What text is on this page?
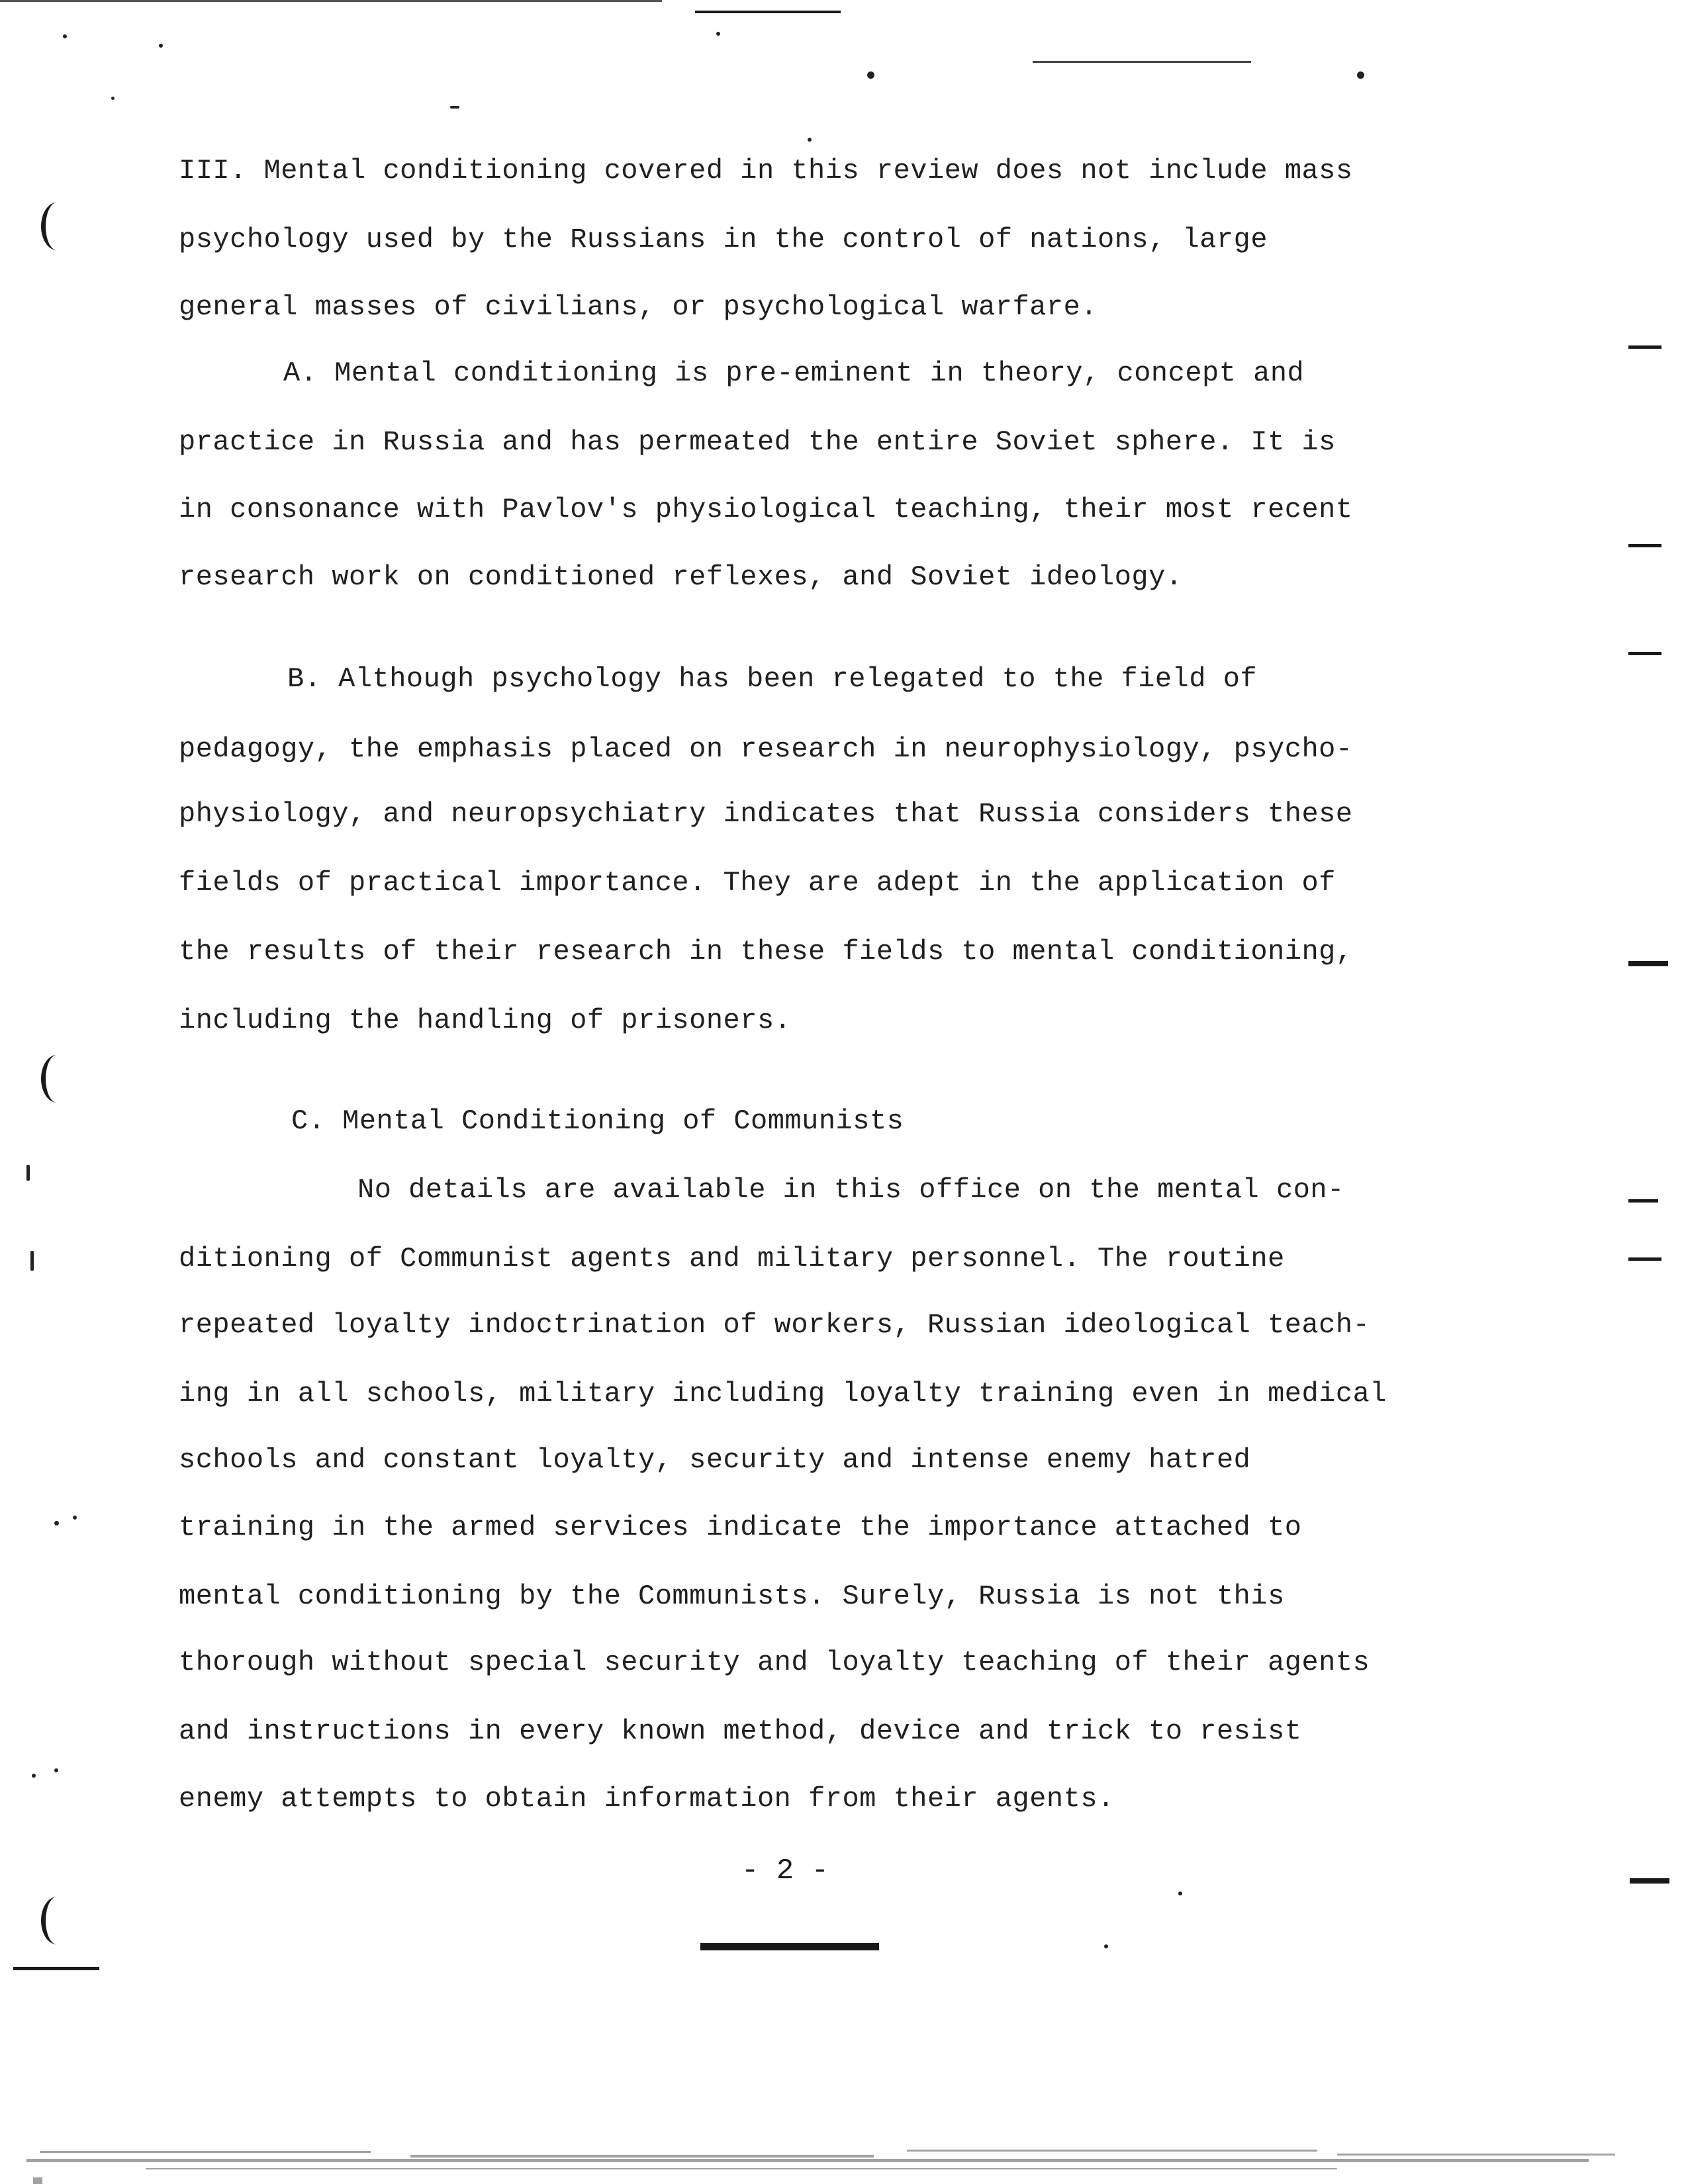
III. Mental conditioning covered in this review does not include mass
psychology used by the Russians in the control of nations, large
general masses of civilians, or psychological warfare.
A. Mental conditioning is pre-eminent in theory, concept and
practice in Russia and has permeated the entire Soviet sphere. It is
in consonance with Pavlov's physiological teaching, their most recent
research work on conditioned reflexes, and Soviet ideology.
B. Although psychology has been relegated to the field of
pedagogy, the emphasis placed on research in neurophysiology, psycho-
physiology, and neuropsychiatry indicates that Russia considers these
fields of practical importance. They are adept in the application of
the results of their research in these fields to mental conditioning,
including the handling of prisoners.
C. Mental Conditioning of Communists
No details are available in this office on the mental con-
ditioning of Communist agents and military personnel. The routine
repeated loyalty indoctrination of workers, Russian ideological teach-
ing in all schools, military including loyalty training even in medical
schools and constant loyalty, security and intense enemy hatred
training in the armed services indicate the importance attached to
mental conditioning by the Communists. Surely, Russia is not this
thorough without special security and loyalty teaching of their agents
and instructions in every known method, device and trick to resist
enemy attempts to obtain information from their agents.
- 2 -
